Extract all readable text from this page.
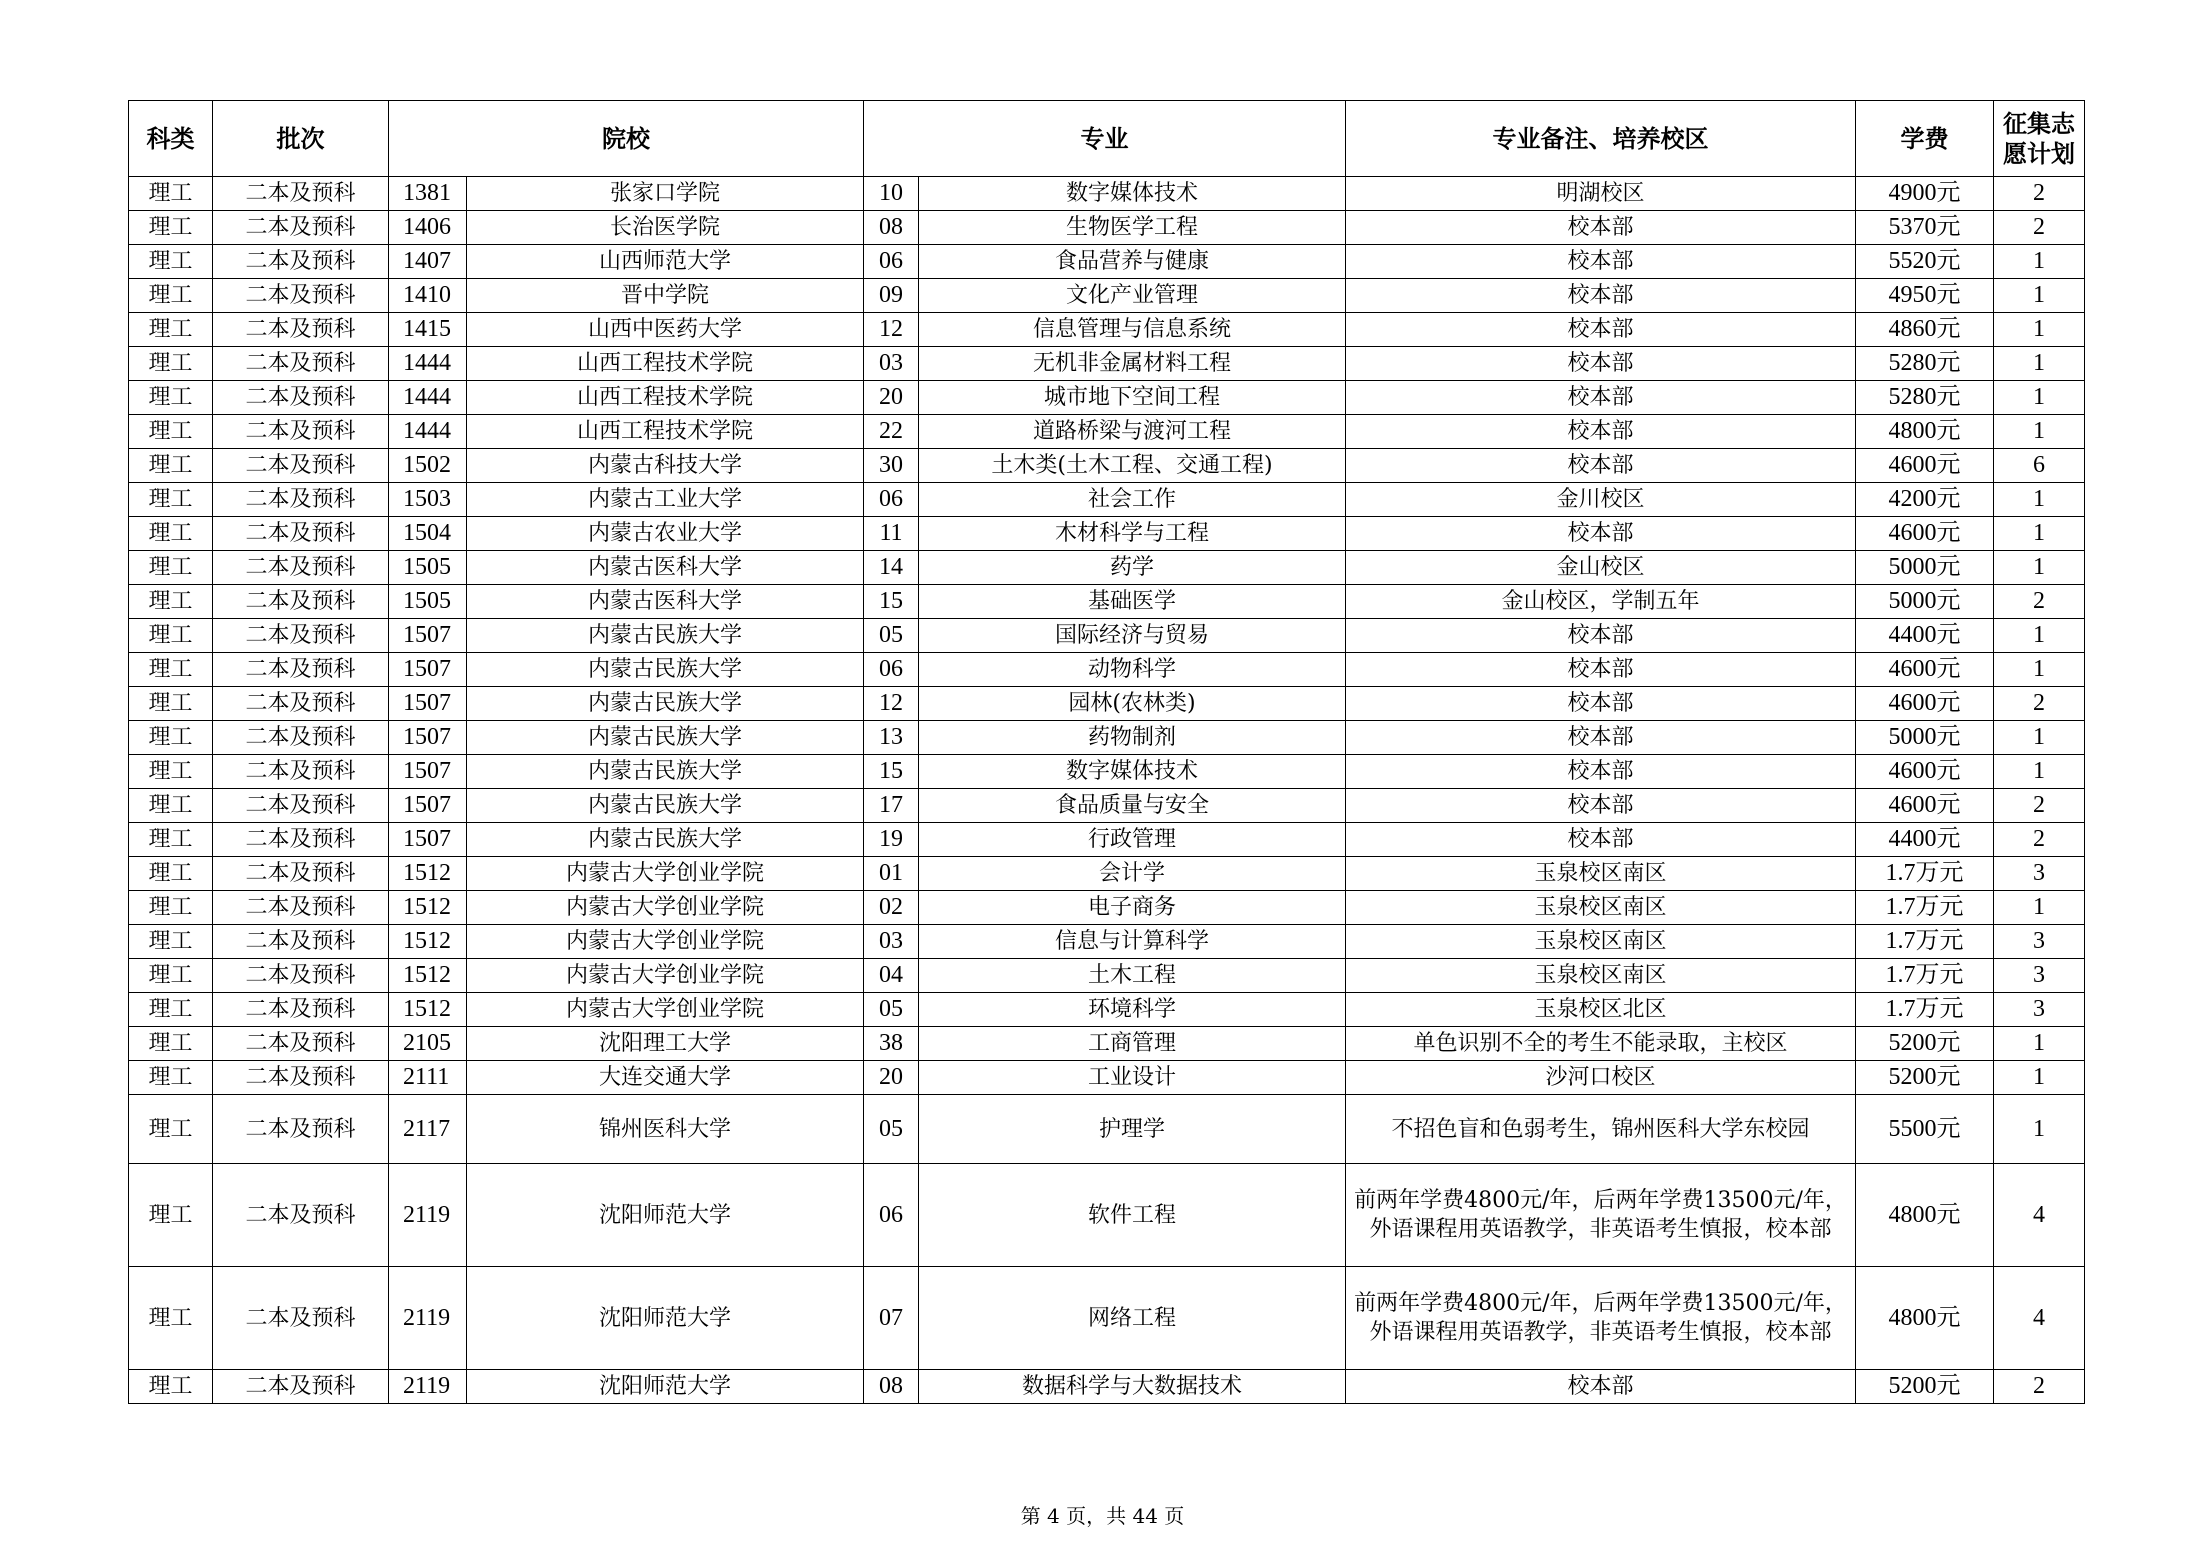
科类	批次	院校		专业		专业备注、培养校区	学费	征集志愿计划
理工	二本及预科	1381	张家口学院	10	数字媒体技术	明湖校区	4900元	2
理工	二本及预科	1406	长治医学院	08	生物医学工程	校本部	5370元	2
理工	二本及预科	1407	山西师范大学	06	食品营养与健康	校本部	5520元	1
理工	二本及预科	1410	晋中学院	09	文化产业管理	校本部	4950元	1
理工	二本及预科	1415	山西中医药大学	12	信息管理与信息系统	校本部	4860元	1
理工	二本及预科	1444	山西工程技术学院	03	无机非金属材料工程	校本部	5280元	1
理工	二本及预科	1444	山西工程技术学院	20	城市地下空间工程	校本部	5280元	1
理工	二本及预科	1444	山西工程技术学院	22	道路桥梁与渡河工程	校本部	4800元	1
理工	二本及预科	1502	内蒙古科技大学	30	土木类(土木工程、交通工程)	校本部	4600元	6
理工	二本及预科	1503	内蒙古工业大学	06	社会工作	金川校区	4200元	1
理工	二本及预科	1504	内蒙古农业大学	11	木材科学与工程	校本部	4600元	1
理工	二本及预科	1505	内蒙古医科大学	14	药学	金山校区	5000元	1
理工	二本及预科	1505	内蒙古医科大学	15	基础医学	金山校区，学制五年	5000元	2
理工	二本及预科	1507	内蒙古民族大学	05	国际经济与贸易	校本部	4400元	1
理工	二本及预科	1507	内蒙古民族大学	06	动物科学	校本部	4600元	1
理工	二本及预科	1507	内蒙古民族大学	12	园林(农林类)	校本部	4600元	2
理工	二本及预科	1507	内蒙古民族大学	13	药物制剂	校本部	5000元	1
理工	二本及预科	1507	内蒙古民族大学	15	数字媒体技术	校本部	4600元	1
理工	二本及预科	1507	内蒙古民族大学	17	食品质量与安全	校本部	4600元	2
理工	二本及预科	1507	内蒙古民族大学	19	行政管理	校本部	4400元	2
理工	二本及预科	1512	内蒙古大学创业学院	01	会计学	玉泉校区南区	1.7万元	3
理工	二本及预科	1512	内蒙古大学创业学院	02	电子商务	玉泉校区南区	1.7万元	1
理工	二本及预科	1512	内蒙古大学创业学院	03	信息与计算科学	玉泉校区南区	1.7万元	3
理工	二本及预科	1512	内蒙古大学创业学院	04	土木工程	玉泉校区南区	1.7万元	3
理工	二本及预科	1512	内蒙古大学创业学院	05	环境科学	玉泉校区北区	1.7万元	3
理工	二本及预科	2105	沈阳理工大学	38	工商管理	单色识别不全的考生不能录取，主校区	5200元	1
理工	二本及预科	2111	大连交通大学	20	工业设计	沙河口校区	5200元	1
理工	二本及预科	2117	锦州医科大学	05	护理学	不招色盲和色弱考生，锦州医科大学东校园	5500元	1
理工	二本及预科	2119	沈阳师范大学	06	软件工程	前两年学费4800元/年，后两年学费13500元/年，外语课程用英语教学，非英语考生慎报，校本部	4800元	4
理工	二本及预科	2119	沈阳师范大学	07	网络工程	前两年学费4800元/年，后两年学费13500元/年，外语课程用英语教学，非英语考生慎报，校本部	4800元	4
理工	二本及预科	2119	沈阳师范大学	08	数据科学与大数据技术	校本部	5200元	2
第 4 页，共 44 页
